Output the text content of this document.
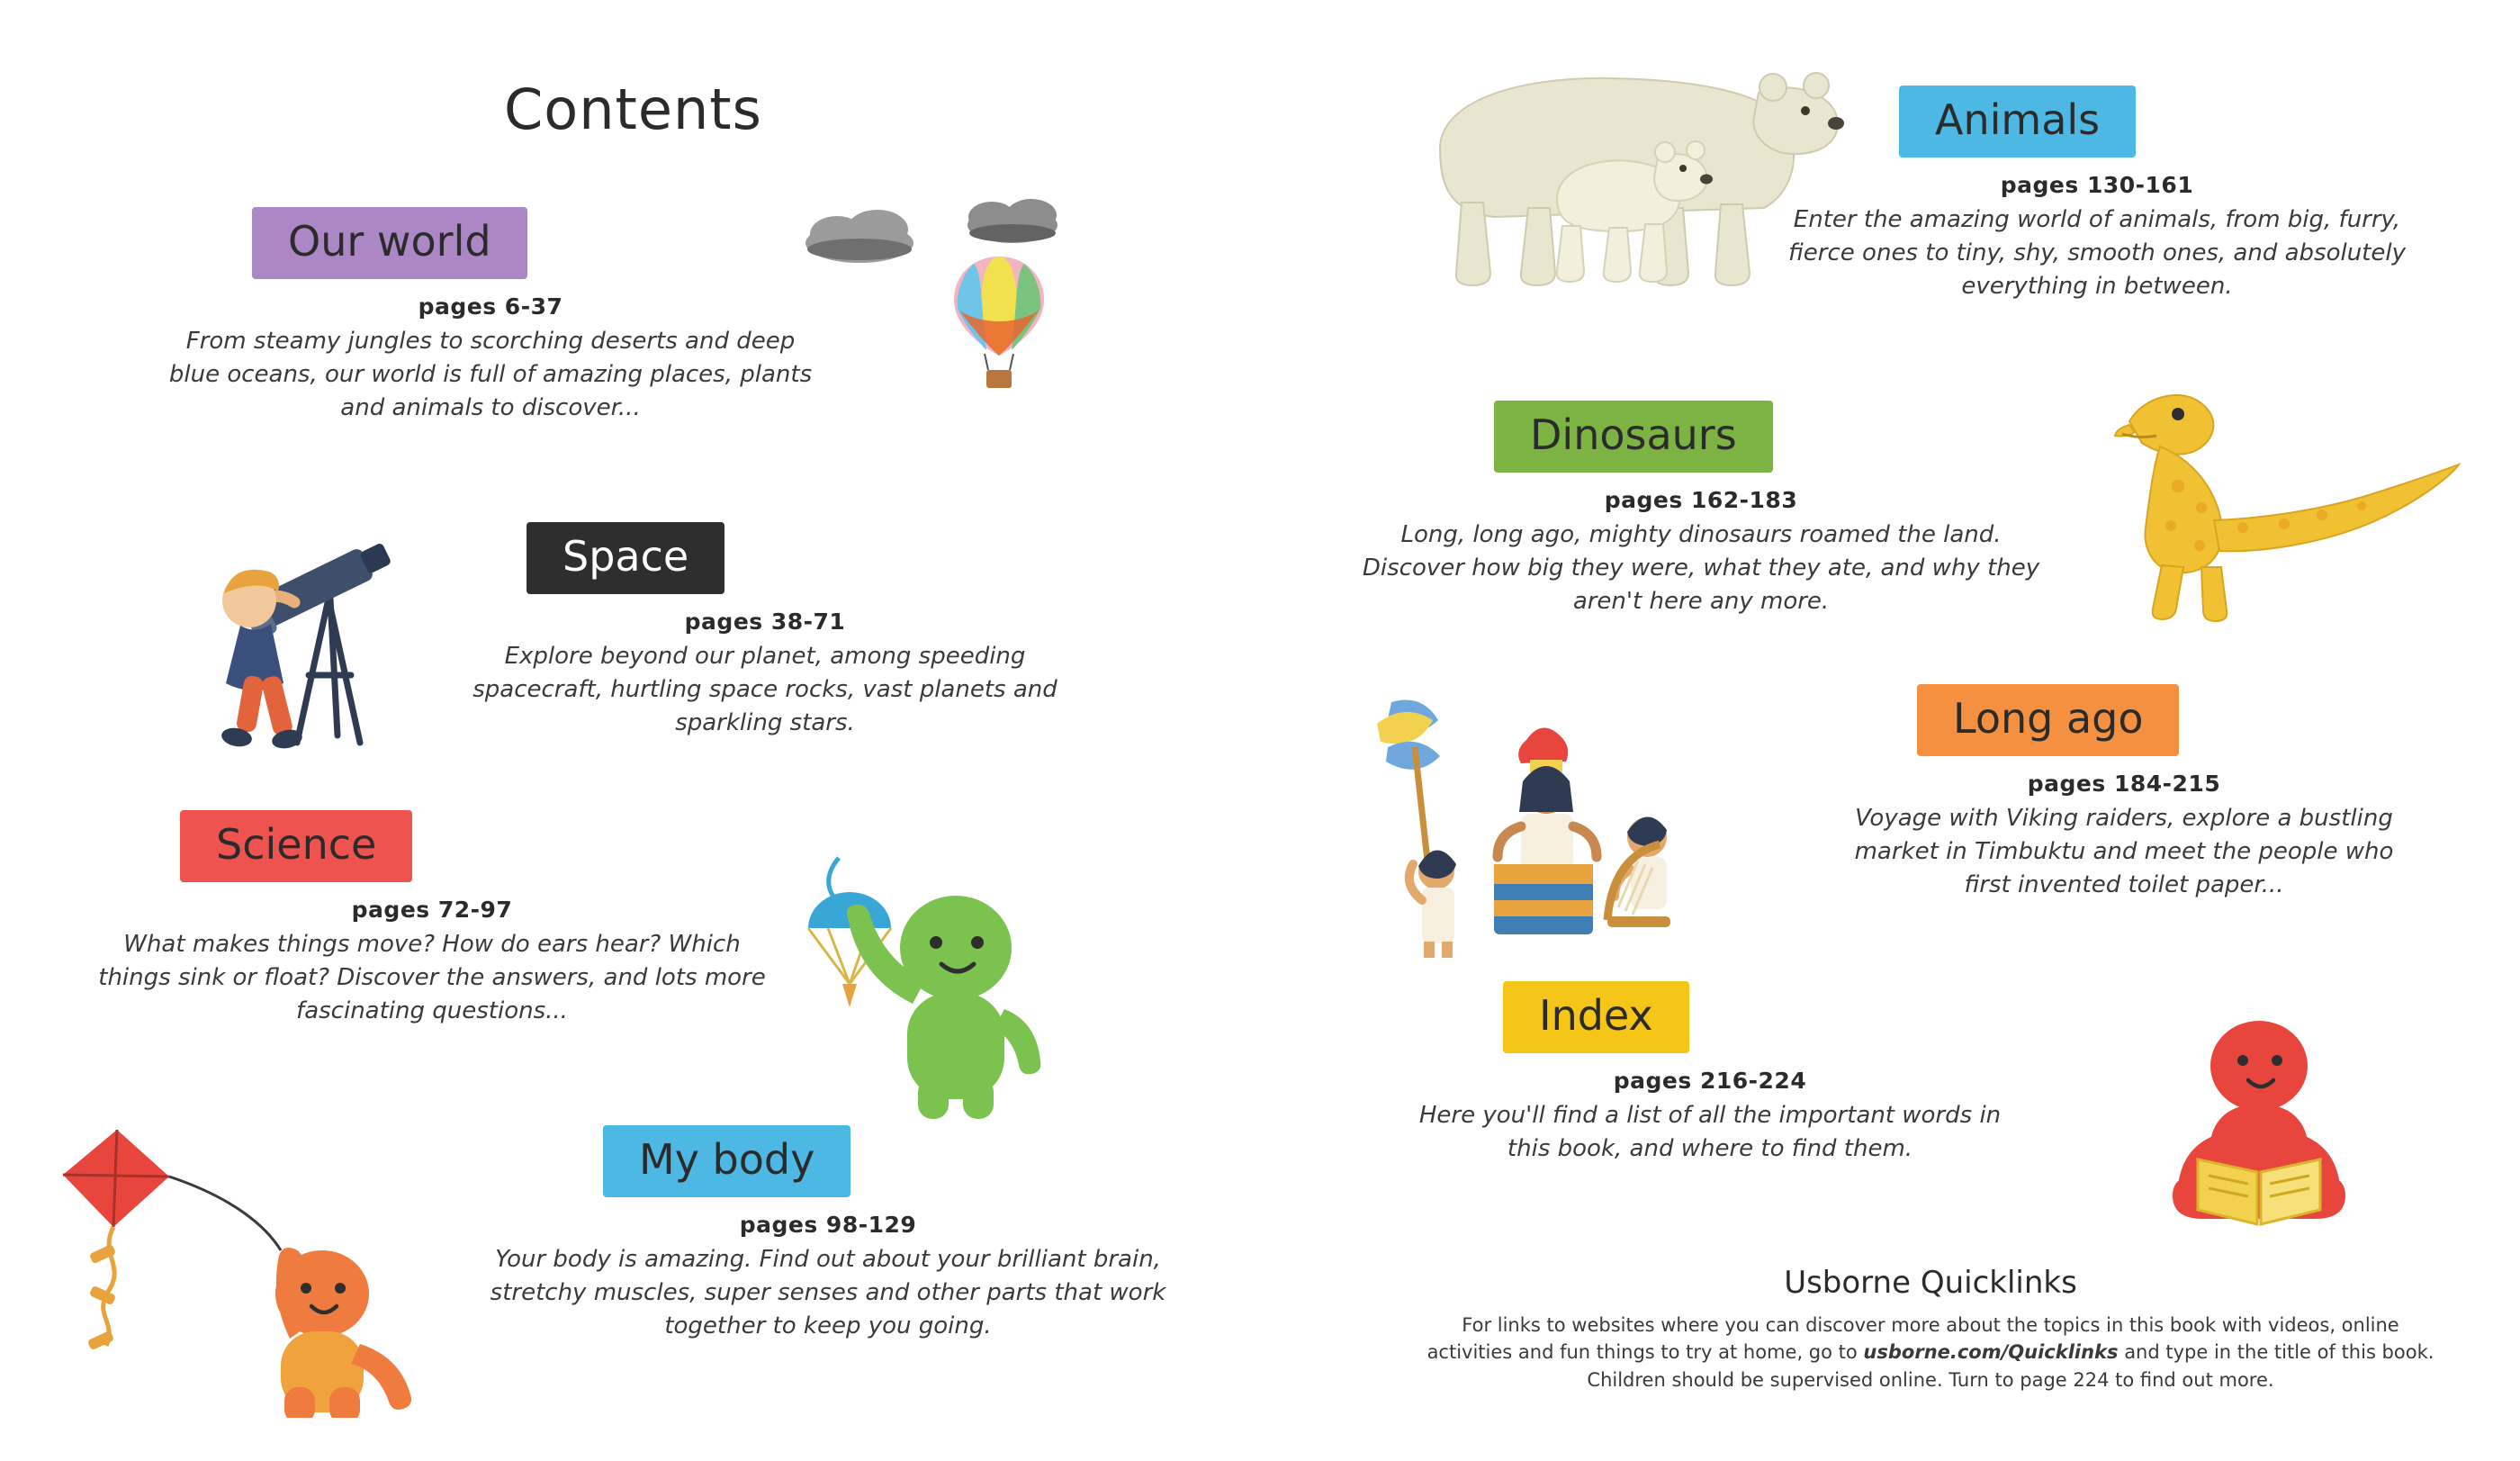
Contents
Our world
pages 6-37
From steamy jungles to scorching deserts and deep blue oceans, our world is full of amazing places, plants and animals to discover...
Space
pages 38-71
Explore beyond our planet, among speeding spacecraft, hurtling space rocks, vast planets and sparkling stars.
Science
pages 72-97
What makes things move? How do ears hear? Which things sink or float? Discover the answers, and lots more fascinating questions...
My body
pages 98-129
Your body is amazing. Find out about your brilliant brain, stretchy muscles, super senses and other parts that work together to keep you going.
Animals
pages 130-161
Enter the amazing world of animals, from big, furry, fierce ones to tiny, shy, smooth ones, and absolutely everything in between.
Dinosaurs
pages 162-183
Long, long ago, mighty dinosaurs roamed the land. Discover how big they were, what they ate, and why they aren't here any more.
Long ago
pages 184-215
Voyage with Viking raiders, explore a bustling market in Timbuktu and meet the people who first invented toilet paper...
Index
pages 216-224
Here you'll find a list of all the important words in this book, and where to find them.
Usborne Quicklinks
For links to websites where you can discover more about the topics in this book with videos, online
activities and fun things to try at home, go to usborne.com/Quicklinks and type in the title of this book.
Children should be supervised online. Turn to page 224 to find out more.
